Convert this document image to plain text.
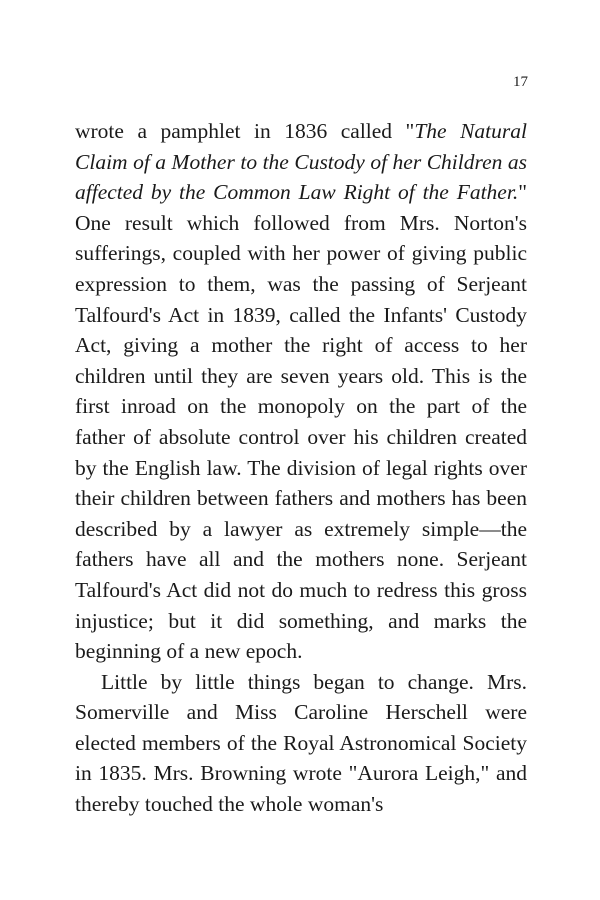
17

wrote a pamphlet in 1836 called "The Natural Claim of a Mother to the Custody of her Children as affected by the Common Law Right of the Father." One result which followed from Mrs. Norton's sufferings, coupled with her power of giving public expression to them, was the passing of Serjeant Talfourd's Act in 1839, called the Infants' Custody Act, giving a mother the right of access to her children until they are seven years old. This is the first inroad on the monopoly on the part of the father of absolute control over his children created by the English law. The division of legal rights over their children between fathers and mothers has been described by a lawyer as extremely simple—the fathers have all and the mothers none. Serjeant Talfourd's Act did not do much to redress this gross injustice; but it did something, and marks the beginning of a new epoch.

Little by little things began to change. Mrs. Somerville and Miss Caroline Herschell were elected members of the Royal Astronomical Society in 1835. Mrs. Browning wrote "Aurora Leigh," and thereby touched the whole woman's
